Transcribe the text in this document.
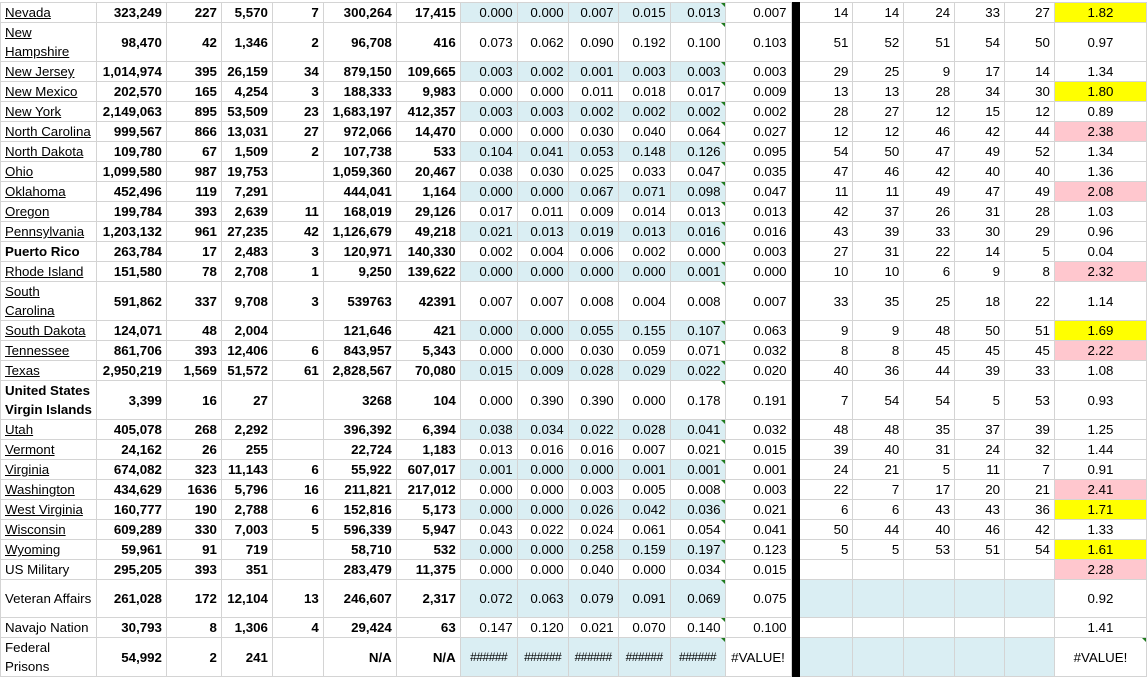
Nevada	323,249	227	5,570	7	300,264	17,415	0.000	0.000	0.007	0.015	0.013	0.007		14	14	24	33	27	1.82
New Hampshire	98,470	42	1,346	2	96,708	416	0.073	0.062	0.090	0.192	0.100	0.103		51	52	51	54	50	0.97
New Jersey	1,014,974	395	26,159	34	879,150	109,665	0.003	0.002	0.001	0.003	0.003	0.003		29	25	9	17	14	1.34
New Mexico	202,570	165	4,254	3	188,333	9,983	0.000	0.000	0.011	0.018	0.017	0.009		13	13	28	34	30	1.80
New York	2,149,063	895	53,509	23	1,683,197	412,357	0.003	0.003	0.002	0.002	0.002	0.002		28	27	12	15	12	0.89
North Carolina	999,567	866	13,031	27	972,066	14,470	0.000	0.000	0.030	0.040	0.064	0.027		12	12	46	42	44	2.38
North Dakota	109,780	67	1,509	2	107,738	533	0.104	0.041	0.053	0.148	0.126	0.095		54	50	47	49	52	1.34
Ohio	1,099,580	987	19,753		1,059,360	20,467	0.038	0.030	0.025	0.033	0.047	0.035		47	46	42	40	40	1.36
Oklahoma	452,496	119	7,291		444,041	1,164	0.000	0.000	0.067	0.071	0.098	0.047		11	11	49	47	49	2.08
Oregon	199,784	393	2,639	11	168,019	29,126	0.017	0.011	0.009	0.014	0.013	0.013		42	37	26	31	28	1.03
Pennsylvania	1,203,132	961	27,235	42	1,126,679	49,218	0.021	0.013	0.019	0.013	0.016	0.016		43	39	33	30	29	0.96
Puerto Rico	263,784	17	2,483	3	120,971	140,330	0.002	0.004	0.006	0.002	0.000	0.003		27	31	22	14	5	0.04
Rhode Island	151,580	78	2,708	1	9,250	139,622	0.000	0.000	0.000	0.000	0.001	0.000		10	10	6	9	8	2.32
South Carolina	591,862	337	9,708	3	539763	42391	0.007	0.007	0.008	0.004	0.008	0.007		33	35	25	18	22	1.14
South Dakota	124,071	48	2,004		121,646	421	0.000	0.000	0.055	0.155	0.107	0.063		9	9	48	50	51	1.69
Tennessee	861,706	393	12,406	6	843,957	5,343	0.000	0.000	0.030	0.059	0.071	0.032		8	8	45	45	45	2.22
Texas	2,950,219	1,569	51,572	61	2,828,567	70,080	0.015	0.009	0.028	0.029	0.022	0.020		40	36	44	39	33	1.08
United States Virgin Islands	3,399	16	27		3268	104	0.000	0.390	0.390	0.000	0.178	0.191		7	54	54	5	53	0.93
Utah	405,078	268	2,292		396,392	6,394	0.038	0.034	0.022	0.028	0.041	0.032		48	48	35	37	39	1.25
Vermont	24,162	26	255		22,724	1,183	0.013	0.016	0.016	0.007	0.021	0.015		39	40	31	24	32	1.44
Virginia	674,082	323	11,143	6	55,922	607,017	0.001	0.000	0.000	0.001	0.001	0.001		24	21	5	11	7	0.91
Washington	434,629	1636	5,796	16	211,821	217,012	0.000	0.000	0.003	0.005	0.008	0.003		22	7	17	20	21	2.41
West Virginia	160,777	190	2,788	6	152,816	5,173	0.000	0.000	0.026	0.042	0.036	0.021		6	6	43	43	36	1.71
Wisconsin	609,289	330	7,003	5	596,339	5,947	0.043	0.022	0.024	0.061	0.054	0.041		50	44	40	46	42	1.33
Wyoming	59,961	91	719		58,710	532	0.000	0.000	0.258	0.159	0.197	0.123		5	5	53	51	54	1.61
US Military	295,205	393	351		283,479	11,375	0.000	0.000	0.040	0.000	0.034	0.015							2.28
Veteran Affairs	261,028	172	12,104	13	246,607	2,317	0.072	0.063	0.079	0.091	0.069	0.075							0.92
Navajo Nation	30,793	8	1,306	4	29,424	63	0.147	0.120	0.021	0.070	0.140	0.100							1.41
Federal Prisons	54,992	2	241		N/A	N/A	######	######	######	######	######	#VALUE!							#VALUE!
